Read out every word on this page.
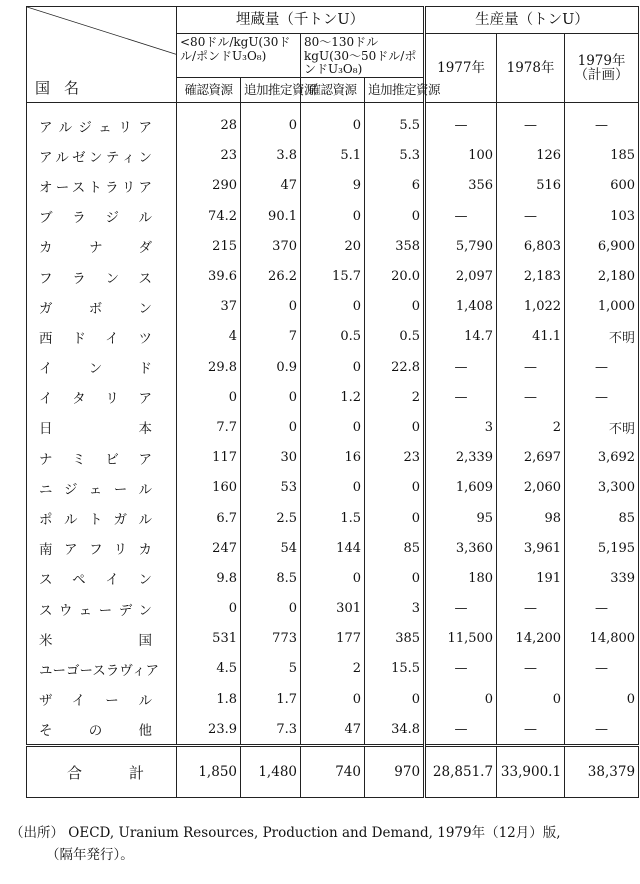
国名	埋蔵量（千トンU）				生産量（トンU）		
	<80ドル/kgU(30ドル/ポンドU₃O₈)		80〜130ドルkgU(30〜50ドル/ポンドU₃O₈)		1977年	1978年	1979年
（計画）
	確認資源	追加推定資源	確認資源	追加推定資源			
アルジェリア	28	0	0	5.5	—	—	—
アルゼンティン	23	3.8	5.1	5.3	100	126	185
オーストラリア	290	47	9	6	356	516	600
ブラジル	74.2	90.1	0	0	—	—	103
カナダ	215	370	20	358	5,790	6,803	6,900
フランス	39.6	26.2	15.7	20.0	2,097	2,183	2,180
ガボン	37	0	0	0	1,408	1,022	1,000
西ドイツ	4	7	0.5	0.5	14.7	41.1	不明
インド	29.8	0.9	0	22.8	—	—	—
イタリア	0	0	1.2	2	—	—	—
日本	7.7	0	0	0	3	2	不明
ナミビア	117	30	16	23	2,339	2,697	3,692
ニジェール	160	53	0	0	1,609	2,060	3,300
ポルトガル	6.7	2.5	1.5	0	95	98	85
南アフリカ	247	54	144	85	3,360	3,961	5,195
スペイン	9.8	8.5	0	0	180	191	339
スウェーデン	0	0	301	3	—	—	—
米国	531	773	177	385	11,500	14,200	14,800
ユーゴースラヴィア	4.5	5	2	15.5	—	—	—
ザイール	1.8	1.7	0	0	0	0	0
その他	23.9	7.3	47	34.8	—	—	—
合計	1,850	1,480	740	970	28,851.7	33,900.1	38,379
（出所） OECD, Uranium Resources, Production and Demand, 1979年（12月）版,
（隔年発行）。
